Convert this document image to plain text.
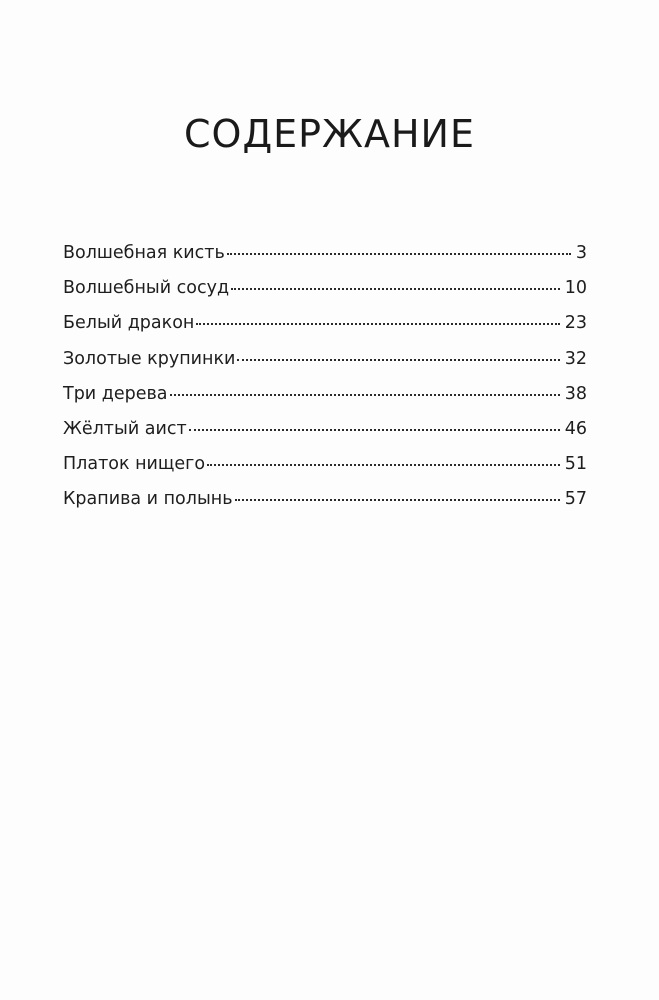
СОДЕРЖАНИЕ
Волшебная кисть	3
Волшебный сосуд	10
Белый дракон	23
Золотые крупинки	32
Три дерева	38
Жёлтый аист	46
Платок нищего	51
Крапива и полынь	57
